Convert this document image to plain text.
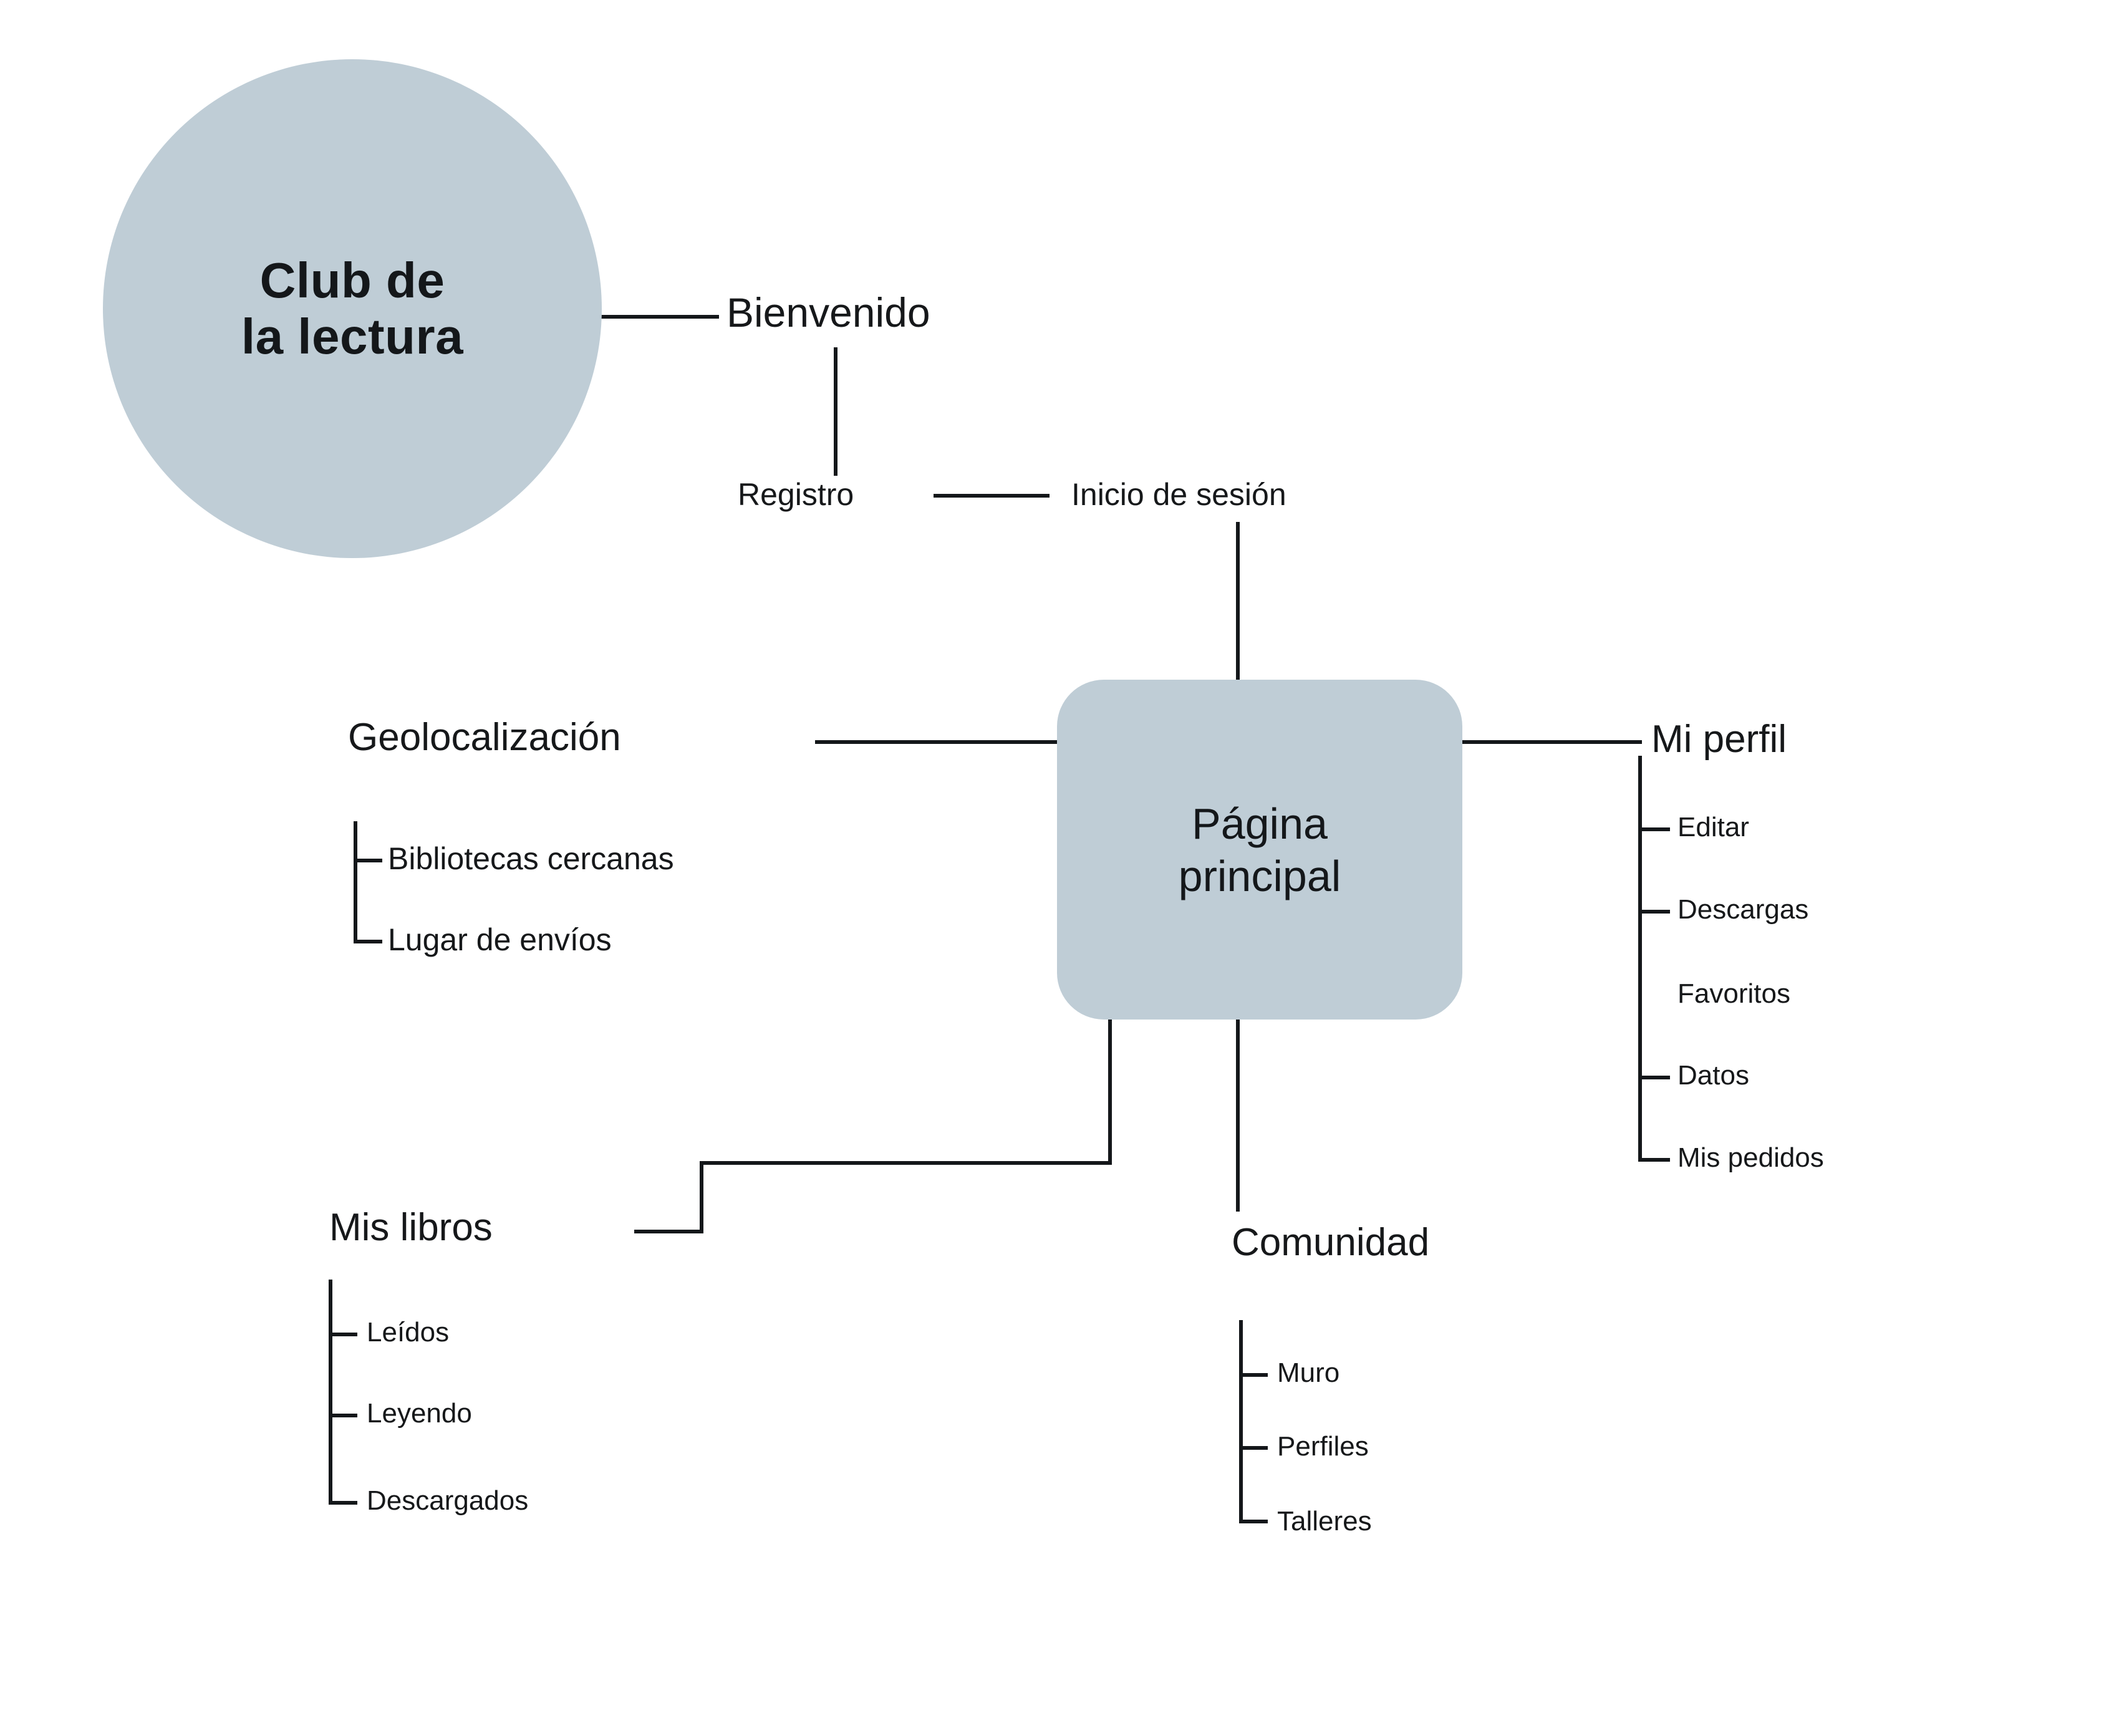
Club de
la lectura	Bienvenido
Registro	Inicio de sesión
Página
principal
Geolocalización
Bibliotecas cercanas
Lugar de envíos
Mi perfil
Editar
Descargas
Favoritos
Datos
Mis pedidos
Mis libros
Leídos
Leyendo
Descargados
Comunidad
Muro
Perfiles
Talleres
